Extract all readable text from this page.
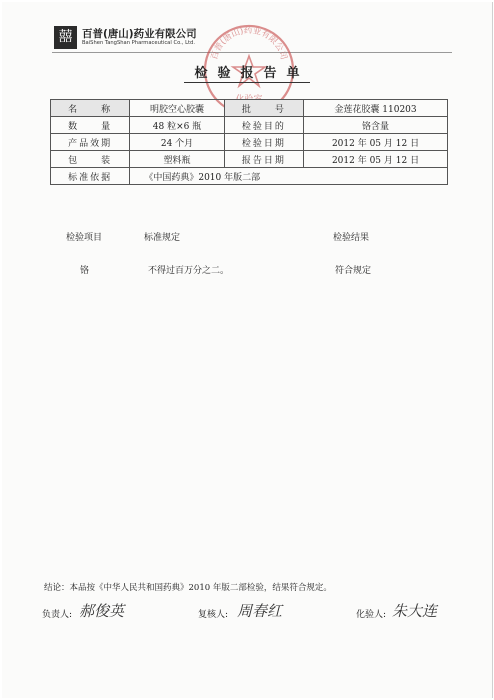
囍 百普(唐山)药业有限公司
BaiShen TangShan Pharmaceutical Co., Ltd.
百普(唐山)药业有限公司
检验报告单
名　　称	明胶空心胶囊	批　　号	金莲花胶囊 110203
数　　量	48 粒×6 瓶	检验目的	铬含量
产品效期	24 个月	检验日期	2012 年 05 月 12 日
包　　装	塑料瓶	报告日期	2012 年 05 月 12 日
标准依据	《中国药典》2010 年版二部		
检验项目	标准规定	检验结果
铬	不得过百万分之二。	符合规定
结论：本品按《中华人民共和国药典》2010 年版二部检验，结果符合规定。
负责人: 郝俊英	复核人: 周春红	化验人: 朱大连
